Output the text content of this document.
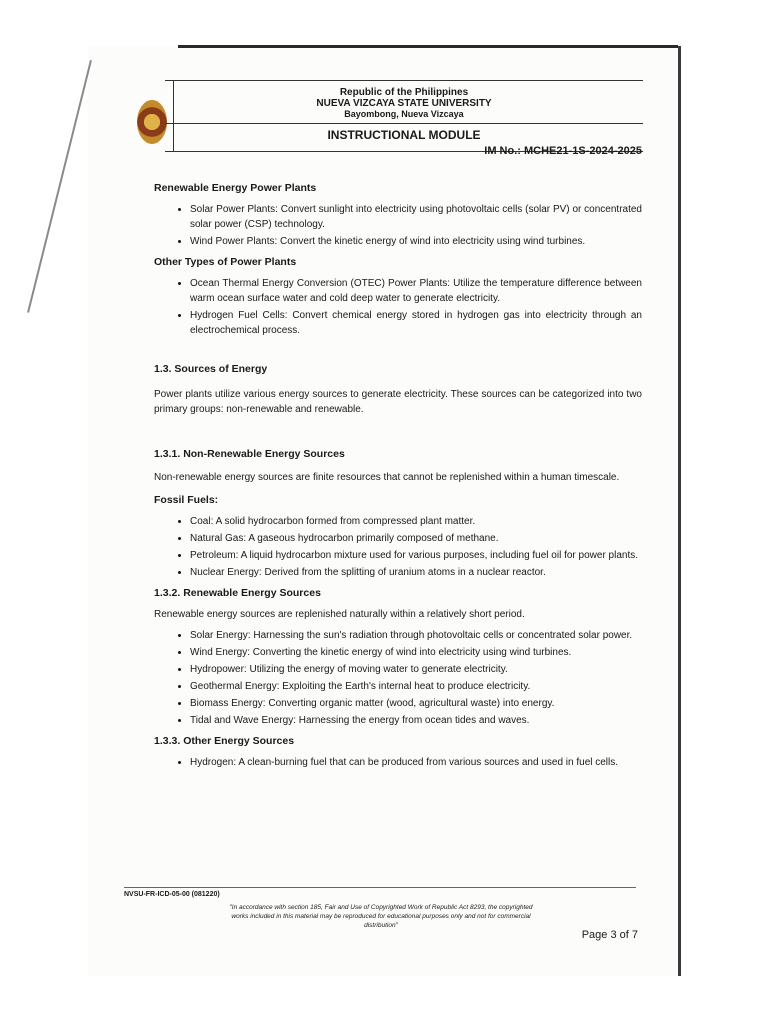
Republic of the Philippines
NUEVA VIZCAYA STATE UNIVERSITY
Bayombong, Nueva Vizcaya
INSTRUCTIONAL MODULE
IM No.: MCHE21-1S-2024-2025
Renewable Energy Power Plants
• Solar Power Plants: Convert sunlight into electricity using photovoltaic cells (solar PV) or concentrated solar power (CSP) technology.
• Wind Power Plants: Convert the kinetic energy of wind into electricity using wind turbines.
Other Types of Power Plants
• Ocean Thermal Energy Conversion (OTEC) Power Plants: Utilize the temperature difference between warm ocean surface water and cold deep water to generate electricity.
• Hydrogen Fuel Cells: Convert chemical energy stored in hydrogen gas into electricity through an electrochemical process.
1.3. Sources of Energy

Power plants utilize various energy sources to generate electricity. These sources can be categorized into two primary groups: non-renewable and renewable.

1.3.1. Non-Renewable Energy Sources

Non-renewable energy sources are finite resources that cannot be replenished within a human timescale.

Fossil Fuels:
• Coal: A solid hydrocarbon formed from compressed plant matter.
• Natural Gas: A gaseous hydrocarbon primarily composed of methane.
• Petroleum: A liquid hydrocarbon mixture used for various purposes, including fuel oil for power plants.
• Nuclear Energy: Derived from the splitting of uranium atoms in a nuclear reactor.
1.3.2. Renewable Energy Sources

Renewable energy sources are replenished naturally within a relatively short period.

• Solar Energy: Harnessing the sun's radiation through photovoltaic cells or concentrated solar power.
• Wind Energy: Converting the kinetic energy of wind into electricity using wind turbines.
• Hydropower: Utilizing the energy of moving water to generate electricity.
• Geothermal Energy: Exploiting the Earth's internal heat to produce electricity.
• Biomass Energy: Converting organic matter (wood, agricultural waste) into energy.
• Tidal and Wave Energy: Harnessing the energy from ocean tides and waves.
1.3.3. Other Energy Sources
• Hydrogen: A clean-burning fuel that can be produced from various sources and used in fuel cells.
NVSU-FR-ICD-05-00 (081220)
"In accordance with section 185, Fair and Use of Copyrighted Work of Republic Act 8293, the copyrighted works included in this material may be reproduced for educational purposes only and not for commercial distribution"
Page 3 of 7
